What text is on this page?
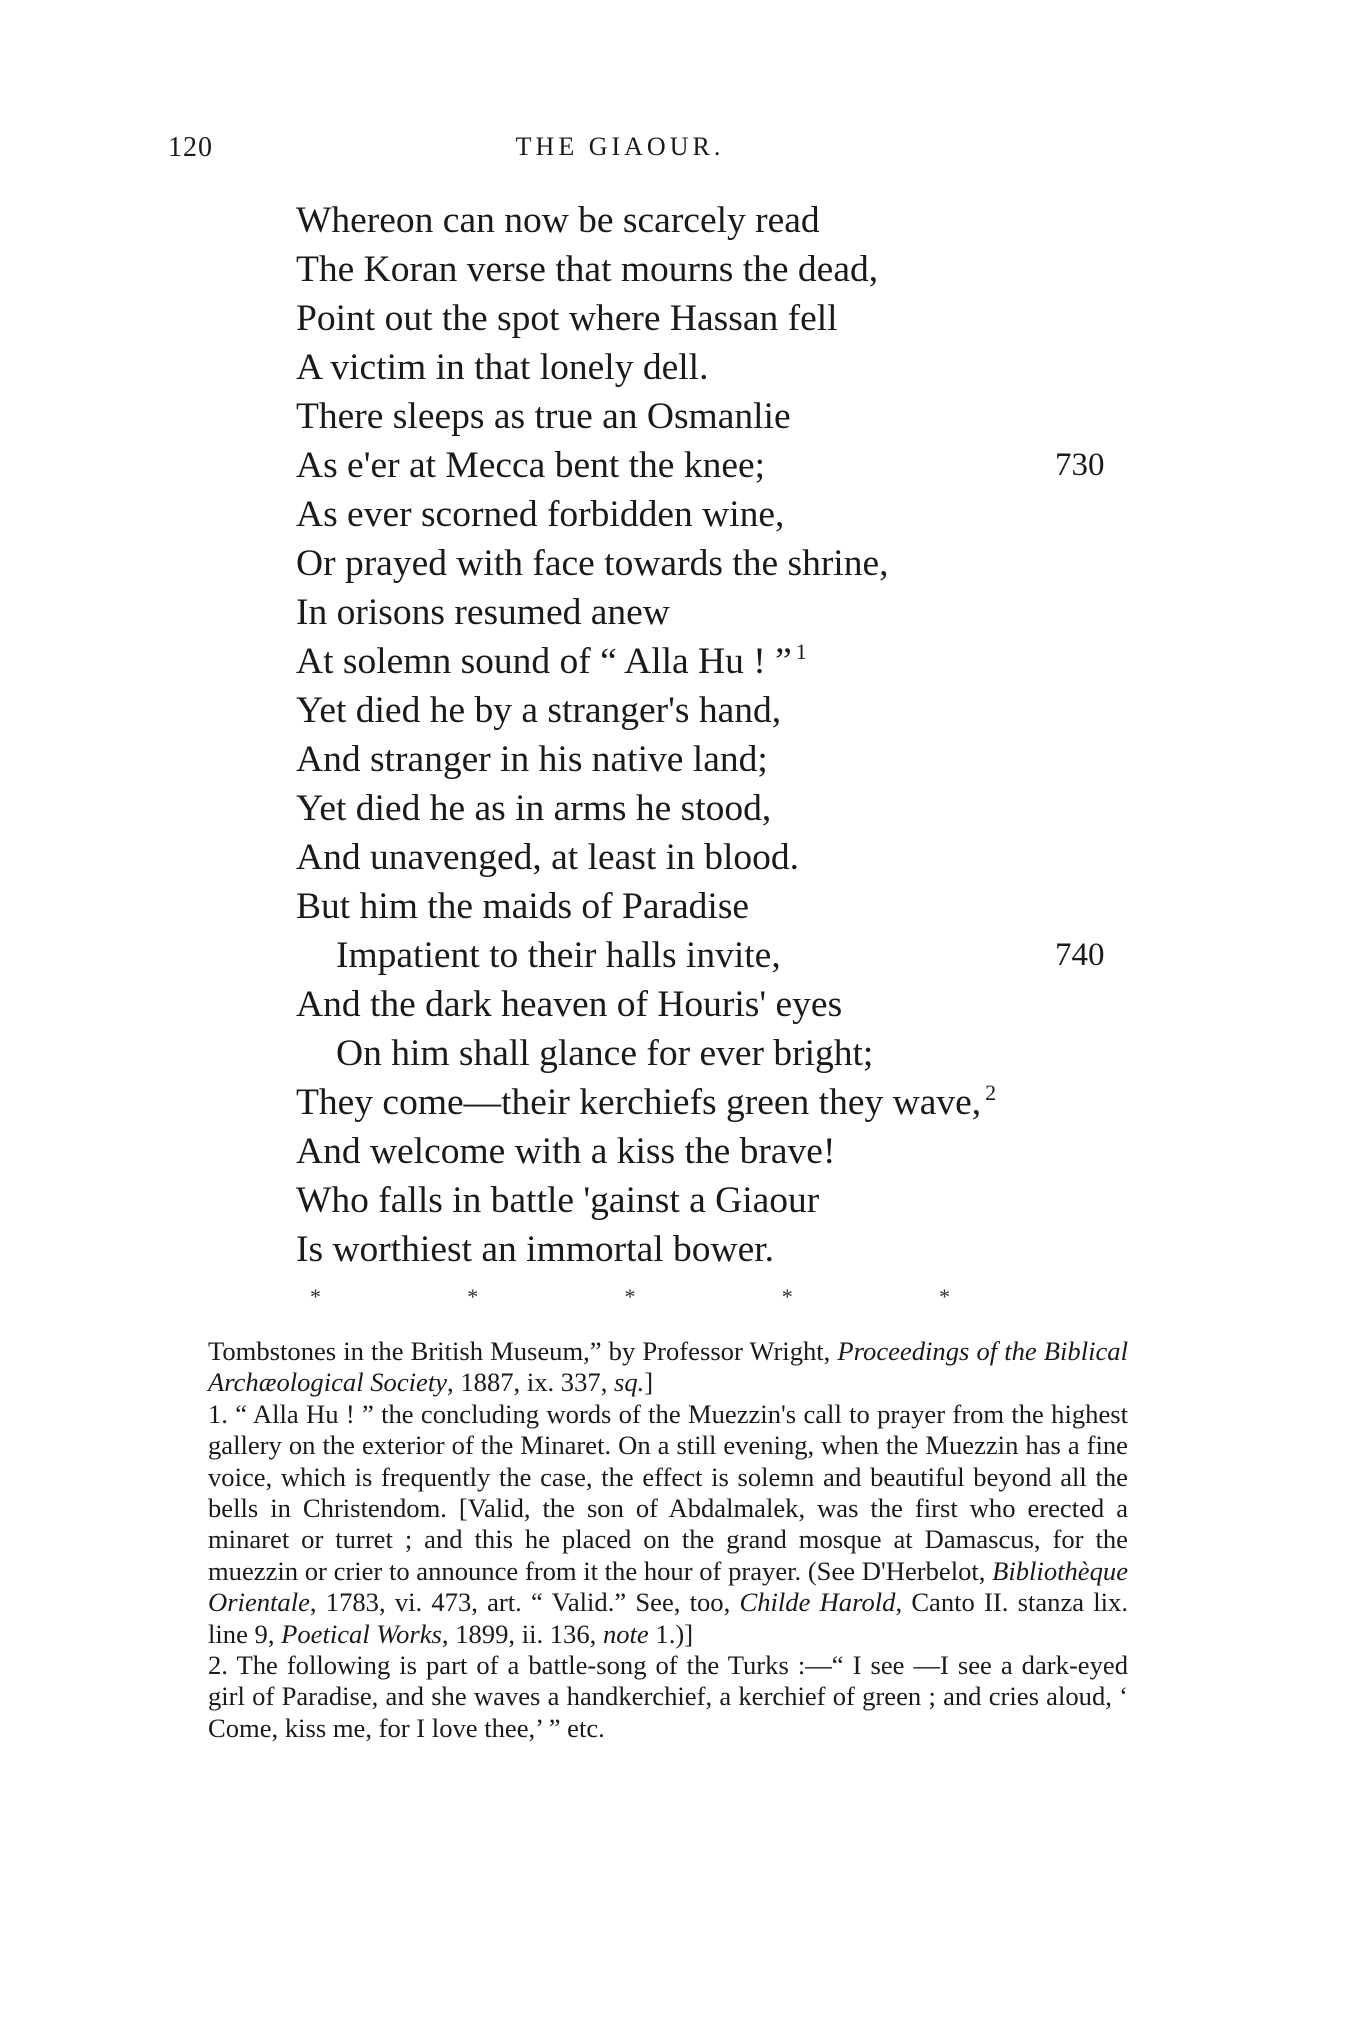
120	THE GIAOUR.
Whereon can now be scarcely read
The Koran verse that mourns the dead,
Point out the spot where Hassan fell
A victim in that lonely dell.
There sleeps as true an Osmanlie
As e'er at Mecca bent the knee;	730
As ever scorned forbidden wine,
Or prayed with face towards the shrine,
In orisons resumed anew
At solemn sound of “ Alla Hu ! ” $^1$
Yet died he by a stranger's hand,
And stranger in his native land;
Yet died he as in arms he stood,
And unavenged, at least in blood.
But him the maids of Paradise
Impatient to their halls invite,	740
And the dark heaven of Houris' eyes
On him shall glance for ever bright;
They come—their kerchiefs green they wave, $^2$
And welcome with a kiss the brave!
Who falls in battle 'gainst a Giaour
Is worthiest an immortal bower.
*	*	*	*	*

Tombstones in the British Museum,” by Professor Wright, Proceedings of the Biblical Archæological Society, 1887, ix. 337, sq.]

1. “ Alla Hu ! ” the concluding words of the Muezzin's call to prayer from the highest gallery on the exterior of the Minaret. On a still evening, when the Muezzin has a fine voice, which is frequently the case, the effect is solemn and beautiful beyond all the bells in Christendom. [Valid, the son of Abdalmalek, was the first who erected a minaret or turret ; and this he placed on the grand mosque at Damascus, for the muezzin or crier to announce from it the hour of prayer. (See D'Herbelot, Bibliothèque Orientale, 1783, vi. 473, art. “ Valid.” See, too, Childe Harold, Canto II. stanza lix. line 9, Poetical Works, 1899, ii. 136, note 1.)]

2. The following is part of a battle-song of the Turks :—“ I see —I see a dark-eyed girl of Paradise, and she waves a handkerchief, a kerchief of green ; and cries aloud, ‘ Come, kiss me, for I love thee,’ ” etc.
